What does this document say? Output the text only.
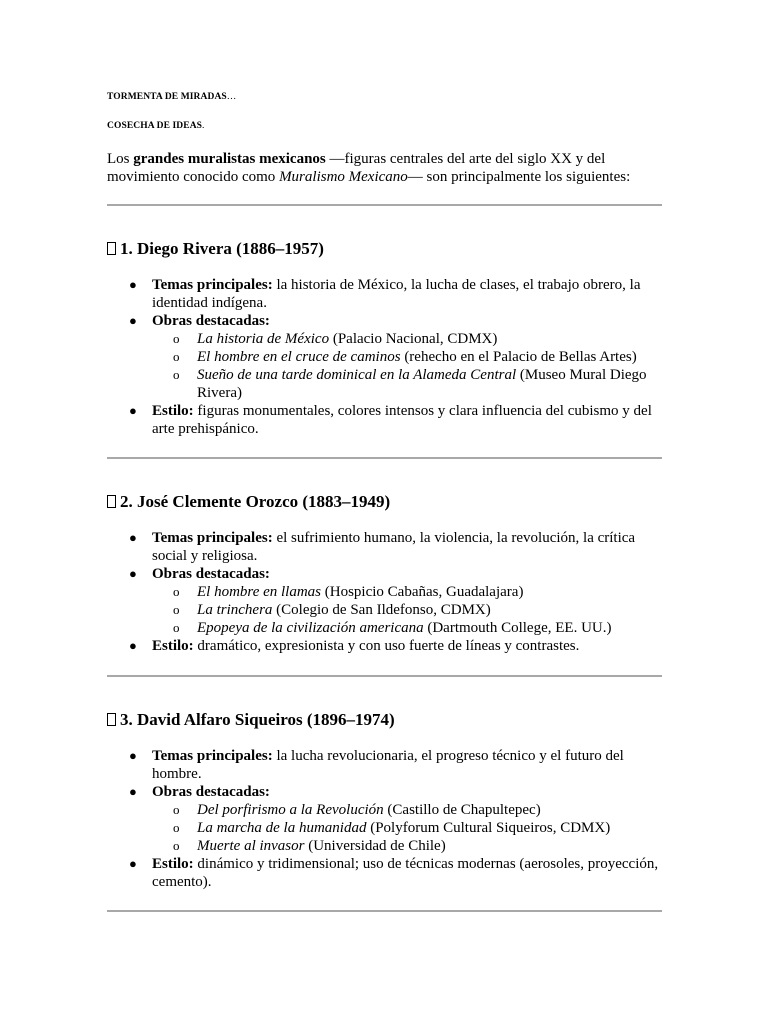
TORMENTA DE MIRADAS…

COSECHA DE IDEAS.

Los grandes muralistas mexicanos —figuras centrales del arte del siglo XX y del movimiento conocido como Muralismo Mexicano— son principalmente los siguientes:

1. Diego Rivera (1886–1957)
● Temas principales: la historia de México, la lucha de clases, el trabajo obrero, la identidad indígena.
● Obras destacadas:
o La historia de México (Palacio Nacional, CDMX)
o El hombre en el cruce de caminos (rehecho en el Palacio de Bellas Artes)
o Sueño de una tarde dominical en la Alameda Central (Museo Mural Diego Rivera)
● Estilo: figuras monumentales, colores intensos y clara influencia del cubismo y del arte prehispánico.
2. José Clemente Orozco (1883–1949)
● Temas principales: el sufrimiento humano, la violencia, la revolución, la crítica social y religiosa.
● Obras destacadas:
o El hombre en llamas (Hospicio Cabañas, Guadalajara)
o La trinchera (Colegio de San Ildefonso, CDMX)
o Epopeya de la civilización americana (Dartmouth College, EE. UU.)
● Estilo: dramático, expresionista y con uso fuerte de líneas y contrastes.
3. David Alfaro Siqueiros (1896–1974)
● Temas principales: la lucha revolucionaria, el progreso técnico y el futuro del hombre.
● Obras destacadas:
o Del porfirismo a la Revolución (Castillo de Chapultepec)
o La marcha de la humanidad (Polyforum Cultural Siqueiros, CDMX)
o Muerte al invasor (Universidad de Chile)
● Estilo: dinámico y tridimensional; uso de técnicas modernas (aerosoles, proyección, cemento).
